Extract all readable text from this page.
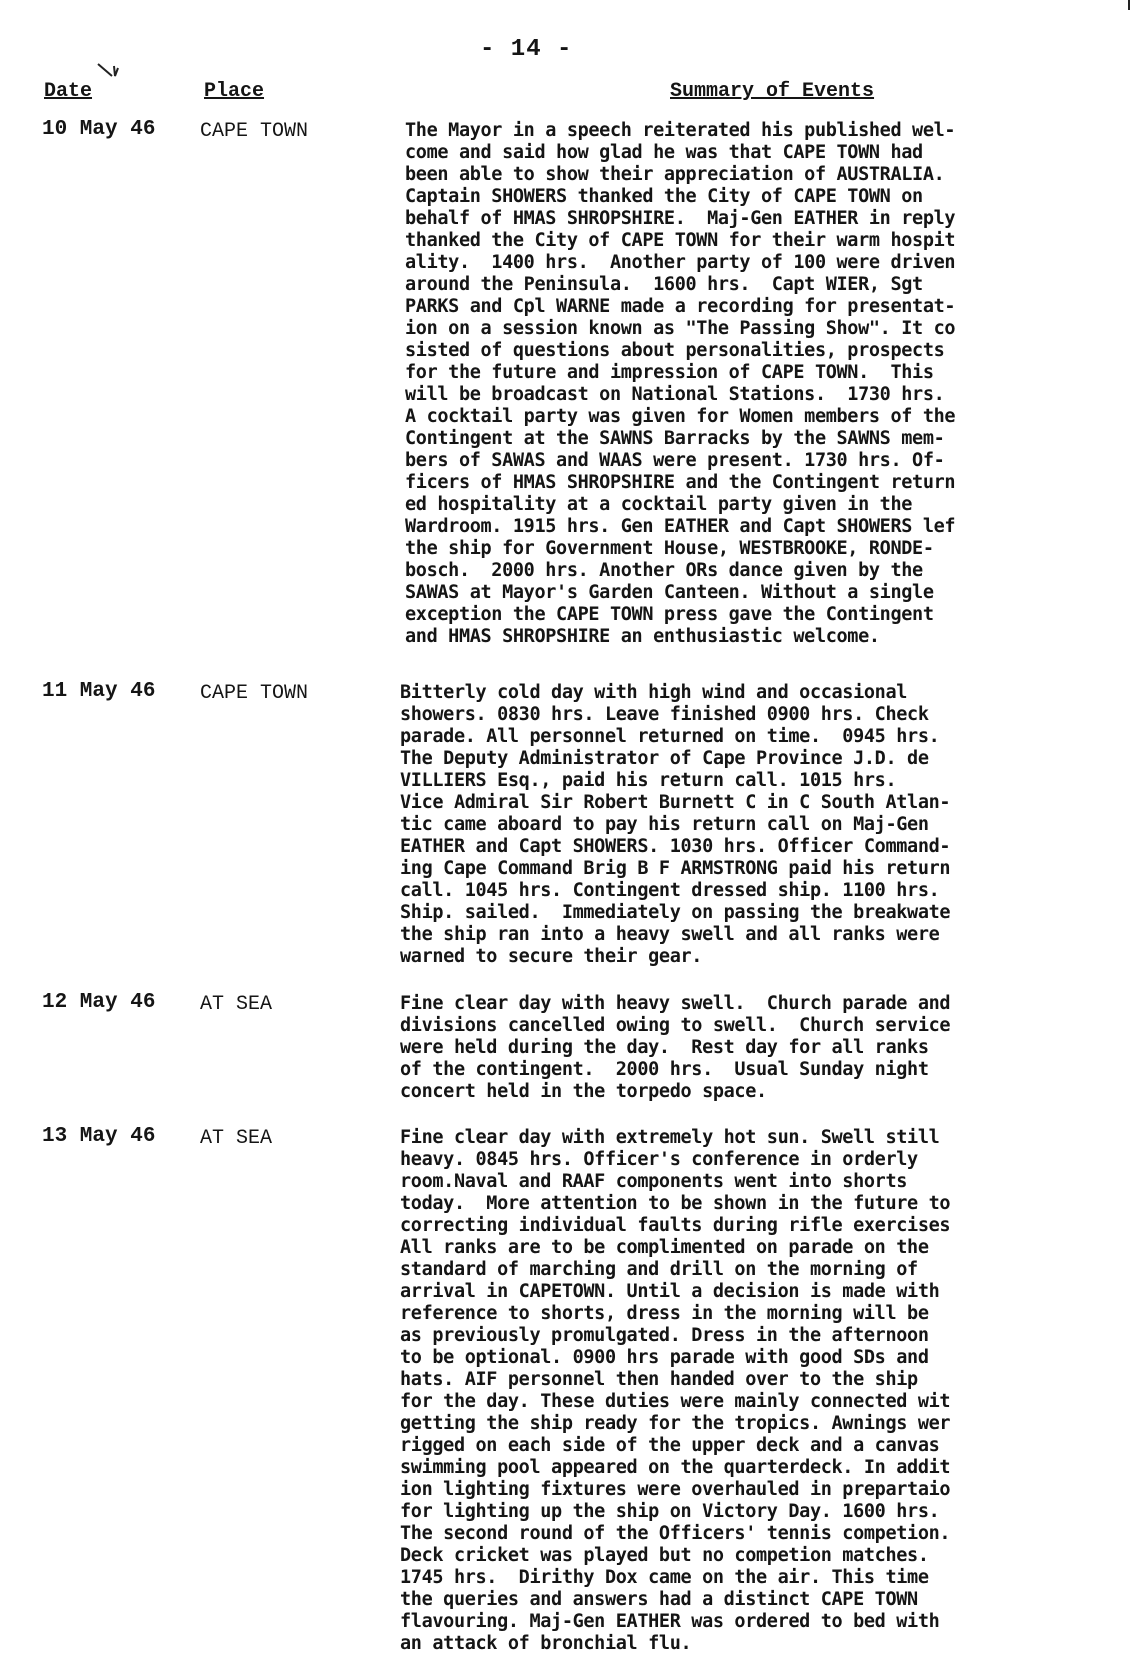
- 14 -
Date	Place	Summary of Events
10 May 46 CAPE TOWN	The Mayor in a speech reiterated his published wel-
come and said how glad he was that CAPE TOWN had
been able to show their appreciation of AUSTRALIA.
Captain SHOWERS thanked the City of CAPE TOWN on
behalf of HMAS SHROPSHIRE.  Maj-Gen EATHER in reply
thanked the City of CAPE TOWN for their warm hospit
ality.  1400 hrs.  Another party of 100 were driven
around the Peninsula.  1600 hrs.  Capt WIER, Sgt
PARKS and Cpl WARNE made a recording for presentat-
ion on a session known as "The Passing Show". It co
sisted of questions about personalities, prospects
for the future and impression of CAPE TOWN.  This
will be broadcast on National Stations.  1730 hrs.
A cocktail party was given for Women members of the
Contingent at the SAWNS Barracks by the SAWNS mem-
bers of SAWAS and WAAS were present. 1730 hrs. Of-
ficers of HMAS SHROPSHIRE and the Contingent return
ed hospitality at a cocktail party given in the
Wardroom. 1915 hrs. Gen EATHER and Capt SHOWERS lef
the ship for Government House, WESTBROOKE, RONDE-
bosch.  2000 hrs. Another ORs dance given by the
SAWAS at Mayor's Garden Canteen. Without a single
exception the CAPE TOWN press gave the Contingent
and HMAS SHROPSHIRE an enthusiastic welcome.
11 May 46 CAPE TOWN	Bitterly cold day with high wind and occasional
showers. 0830 hrs. Leave finished 0900 hrs. Check
parade. All personnel returned on time.  0945 hrs.
The Deputy Administrator of Cape Province J.D. de
VILLIERS Esq., paid his return call. 1015 hrs.
Vice Admiral Sir Robert Burnett C in C South Atlan-
tic came aboard to pay his return call on Maj-Gen
EATHER and Capt SHOWERS. 1030 hrs. Officer Command-
ing Cape Command Brig B F ARMSTRONG paid his return
call. 1045 hrs. Contingent dressed ship. 1100 hrs.
Ship. sailed.  Immediately on passing the breakwate
the ship ran into a heavy swell and all ranks were
warned to secure their gear.
12 May 46 AT SEA	Fine clear day with heavy swell.  Church parade and
divisions cancelled owing to swell.  Church service
were held during the day.  Rest day for all ranks
of the contingent.  2000 hrs.  Usual Sunday night
concert held in the torpedo space.
13 May 46 AT SEA	Fine clear day with extremely hot sun. Swell still
heavy. 0845 hrs. Officer's conference in orderly
room.Naval and RAAF components went into shorts
today.  More attention to be shown in the future to
correcting individual faults during rifle exercises
All ranks are to be complimented on parade on the
standard of marching and drill on the morning of
arrival in CAPETOWN. Until a decision is made with
reference to shorts, dress in the morning will be
as previously promulgated. Dress in the afternoon
to be optional. 0900 hrs parade with good SDs and
hats. AIF personnel then handed over to the ship
for the day. These duties were mainly connected wit
getting the ship ready for the tropics. Awnings wer
rigged on each side of the upper deck and a canvas
swimming pool appeared on the quarterdeck. In addit
ion lighting fixtures were overhauled in prepartaio
for lighting up the ship on Victory Day. 1600 hrs.
The second round of the Officers' tennis competion.
Deck cricket was played but no competion matches.
1745 hrs.  Dirithy Dox came on the air. This time
the queries and answers had a distinct CAPE TOWN
flavouring. Maj-Gen EATHER was ordered to bed with
an attack of bronchial flu.
